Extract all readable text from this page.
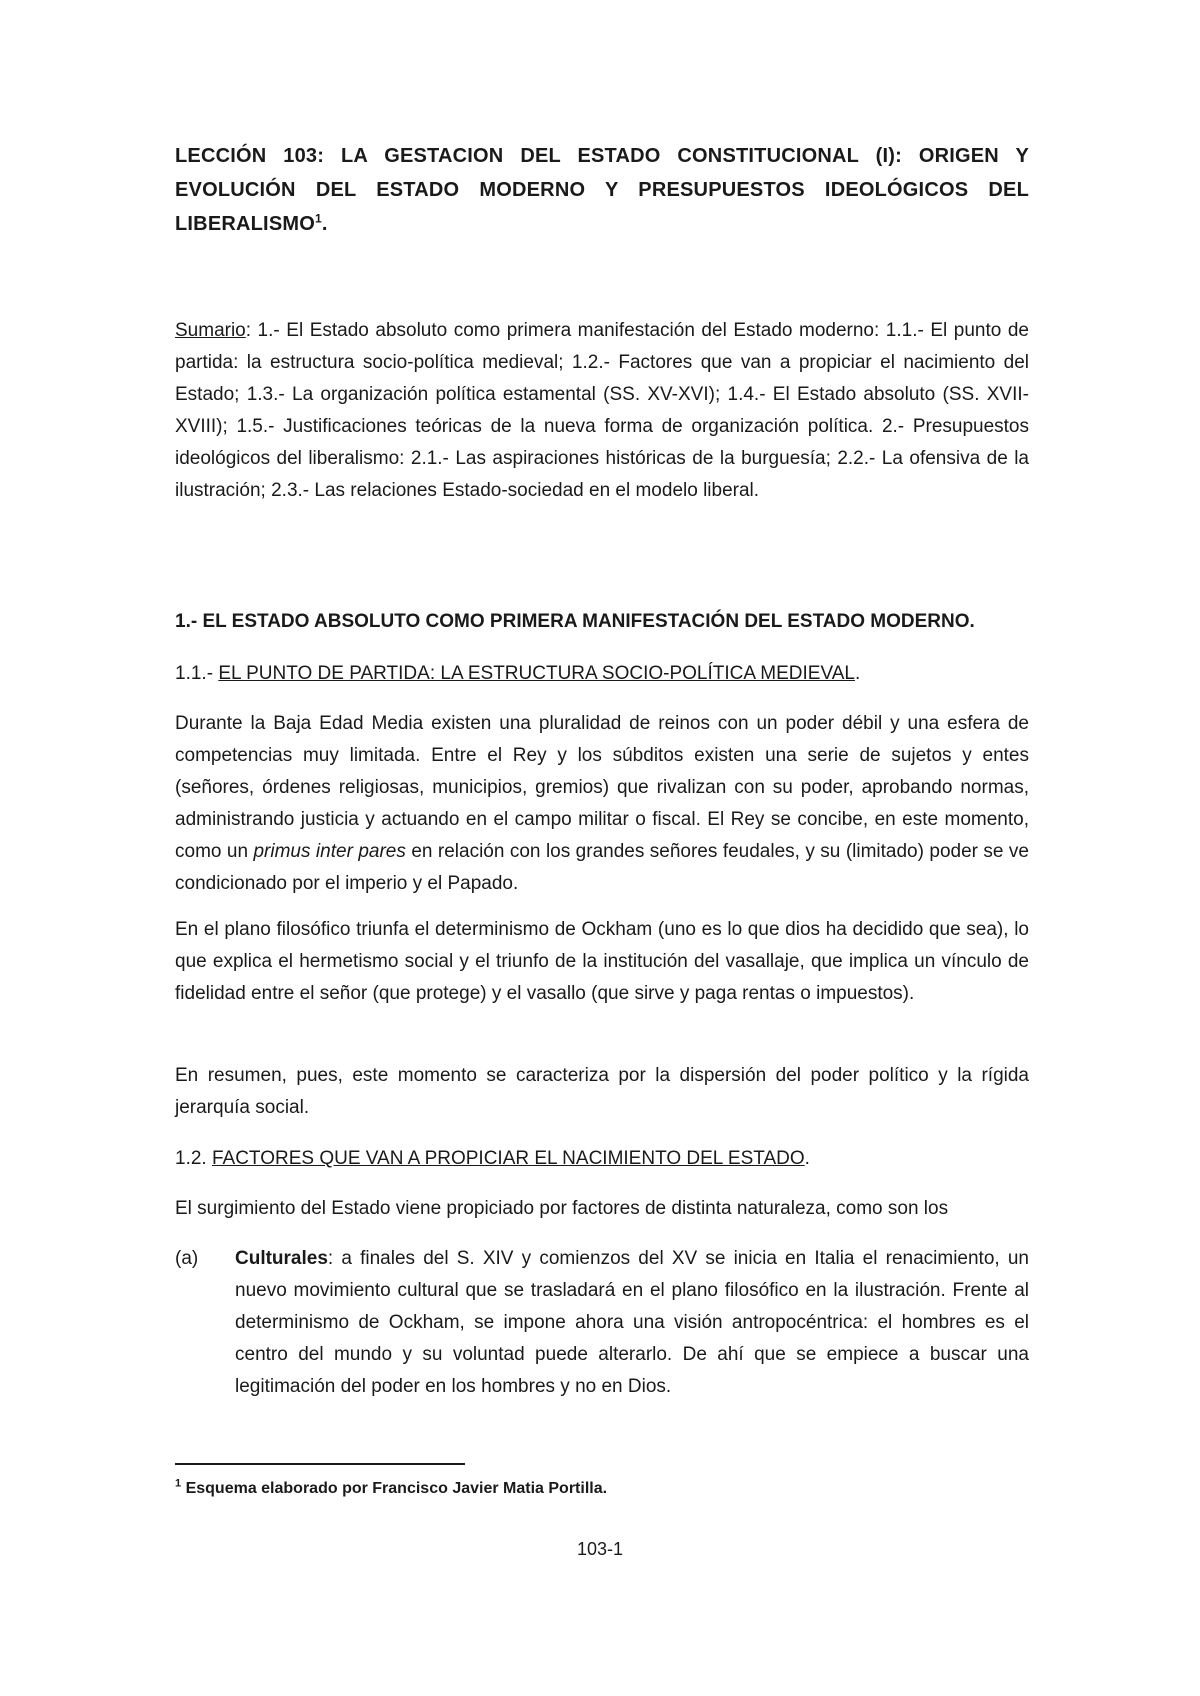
LECCIÓN 103: LA GESTACION DEL ESTADO CONSTITUCIONAL (I): ORIGEN Y EVOLUCIÓN DEL ESTADO MODERNO Y PRESUPUESTOS IDEOLÓGICOS DEL LIBERALISMO$^1$.
Sumario: 1.- El Estado absoluto como primera manifestación del Estado moderno: 1.1.- El punto de partida: la estructura socio-política medieval; 1.2.- Factores que van a propiciar el nacimiento del Estado; 1.3.- La organización política estamental (SS. XV-XVI); 1.4.- El Estado absoluto (SS. XVII-XVIII); 1.5.- Justificaciones teóricas de la nueva forma de organización política. 2.- Presupuestos ideológicos del liberalismo: 2.1.- Las aspiraciones históricas de la burguesía; 2.2.- La ofensiva de la ilustración; 2.3.- Las relaciones Estado-sociedad en el modelo liberal.
1.- EL ESTADO ABSOLUTO COMO PRIMERA MANIFESTACIÓN DEL ESTADO MODERNO.
1.1.- EL PUNTO DE PARTIDA: LA ESTRUCTURA SOCIO-POLÍTICA MEDIEVAL.
Durante la Baja Edad Media existen una pluralidad de reinos con un poder débil y una esfera de competencias muy limitada. Entre el Rey y los súbditos existen una serie de sujetos y entes (señores, órdenes religiosas, municipios, gremios) que rivalizan con su poder, aprobando normas, administrando justicia y actuando en el campo militar o fiscal. El Rey se concibe, en este momento, como un primus inter pares en relación con los grandes señores feudales, y su (limitado) poder se ve condicionado por el imperio y el Papado.
En el plano filosófico triunfa el determinismo de Ockham (uno es lo que dios ha decidido que sea), lo que explica el hermetismo social y el triunfo de la institución del vasallaje, que implica un vínculo de fidelidad entre el señor (que protege) y el vasallo (que sirve y paga rentas o impuestos).
En resumen, pues, este momento se caracteriza por la dispersión del poder político y la rígida jerarquía social.
1.2. FACTORES QUE VAN A PROPICIAR EL NACIMIENTO DEL ESTADO.
El surgimiento del Estado viene propiciado por factores de distinta naturaleza, como son los
(a)	Culturales: a finales del S. XIV y comienzos del XV se inicia en Italia el renacimiento, un nuevo movimiento cultural que se trasladará en el plano filosófico en la ilustración. Frente al determinismo de Ockham, se impone ahora una visión antropocéntrica: el hombres es el centro del mundo y su voluntad puede alterarlo. De ahí que se empiece a buscar una legitimación del poder en los hombres y no en Dios.
$^1$ Esquema elaborado por Francisco Javier Matia Portilla.
103-1
